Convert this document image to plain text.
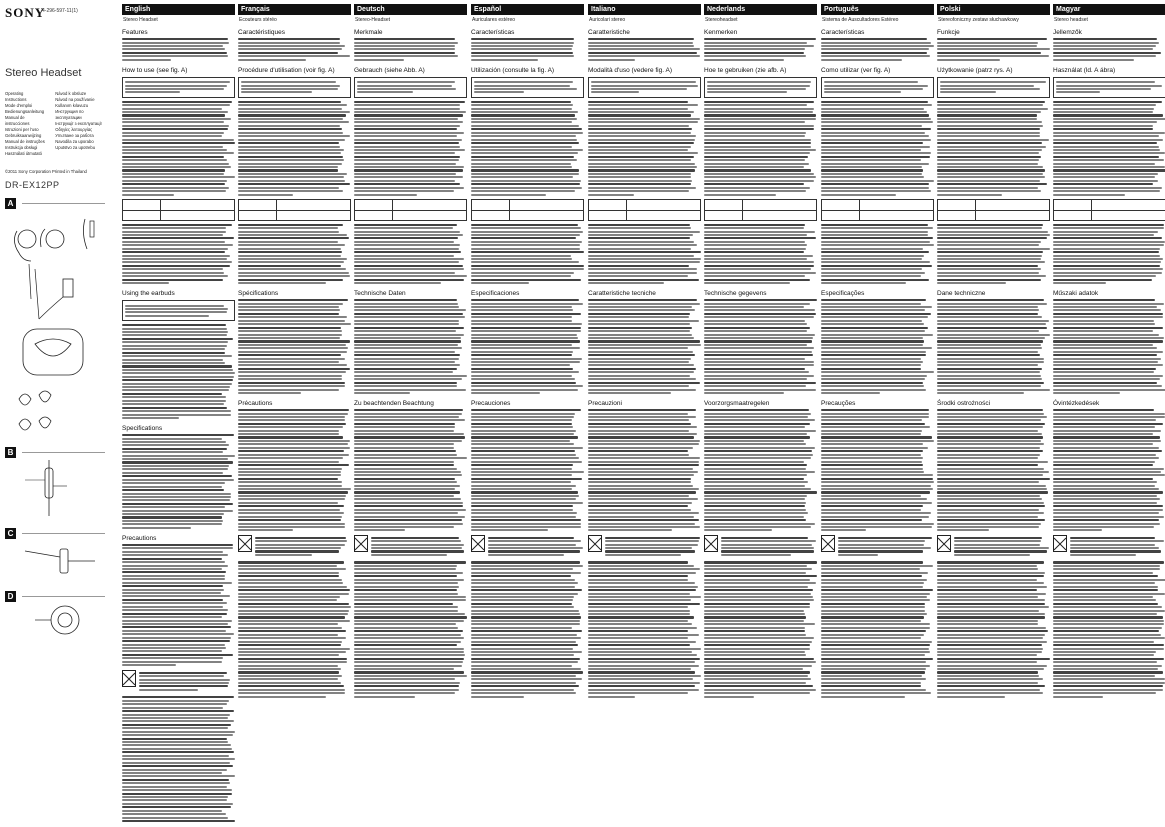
SONY
4-296-597-11(1)
Stereo Headset
Operating Instructions
Mode d'emploi
Bedienungsanleitung
Manual de instrucciones
Istruzioni per l'uso
Gebruiksaanwijzing
Manual de instruções
Instrukcja obsługi
Használati útmutató
Návod k obsluze
Návod na používanie
Kullanım kılavuzu
Инструкция по эксплуатации
Інструкції з експлуатації
Οδηγίες λειτουργίας
Упътване за работа
Navodila za uporabo
Uputstvo za upotrebu
©2011 Sony Corporation Printed in Thailand
DR-EX12PP
A
B
C
D
English
Stereo Headset
Features
How to use (see fig. A)
Using the earbuds
Specifications
Precautions
Français
Ecouteurs stéréo
Caractéristiques
Procédure d'utilisation (voir fig. A)
Spécifications
Précautions
Deutsch
Stereo-Headset
Merkmale
Gebrauch (siehe Abb. A)
Technische Daten
Zu beachtenden Beachtung
Español
Auriculares estéreo
Características
Utilización (consulte la fig. A)
Especificaciones
Precauciones
Italiano
Auricolari stereo
Caratteristiche
Modalità d'uso (vedere fig. A)
Caratteristiche tecniche
Precauzioni
Nederlands
Stereoheadset
Kenmerken
Hoe te gebruiken (zie afb. A)
Technische gegevens
Voorzorgsmaatregelen
Português
Sistema de Auscultadores Estéreo
Características
Como utilizar (ver fig. A)
Especificações
Precauções
Polski
Stereofoniczny zestaw słuchawkowy
Funkcje
Użytkowanie (patrz rys. A)
Dane techniczne
Środki ostrożności
Magyar
Stereo headset
Jellemzők
Használat (ld. A ábra)
Műszaki adatok
Óvintézkedések
